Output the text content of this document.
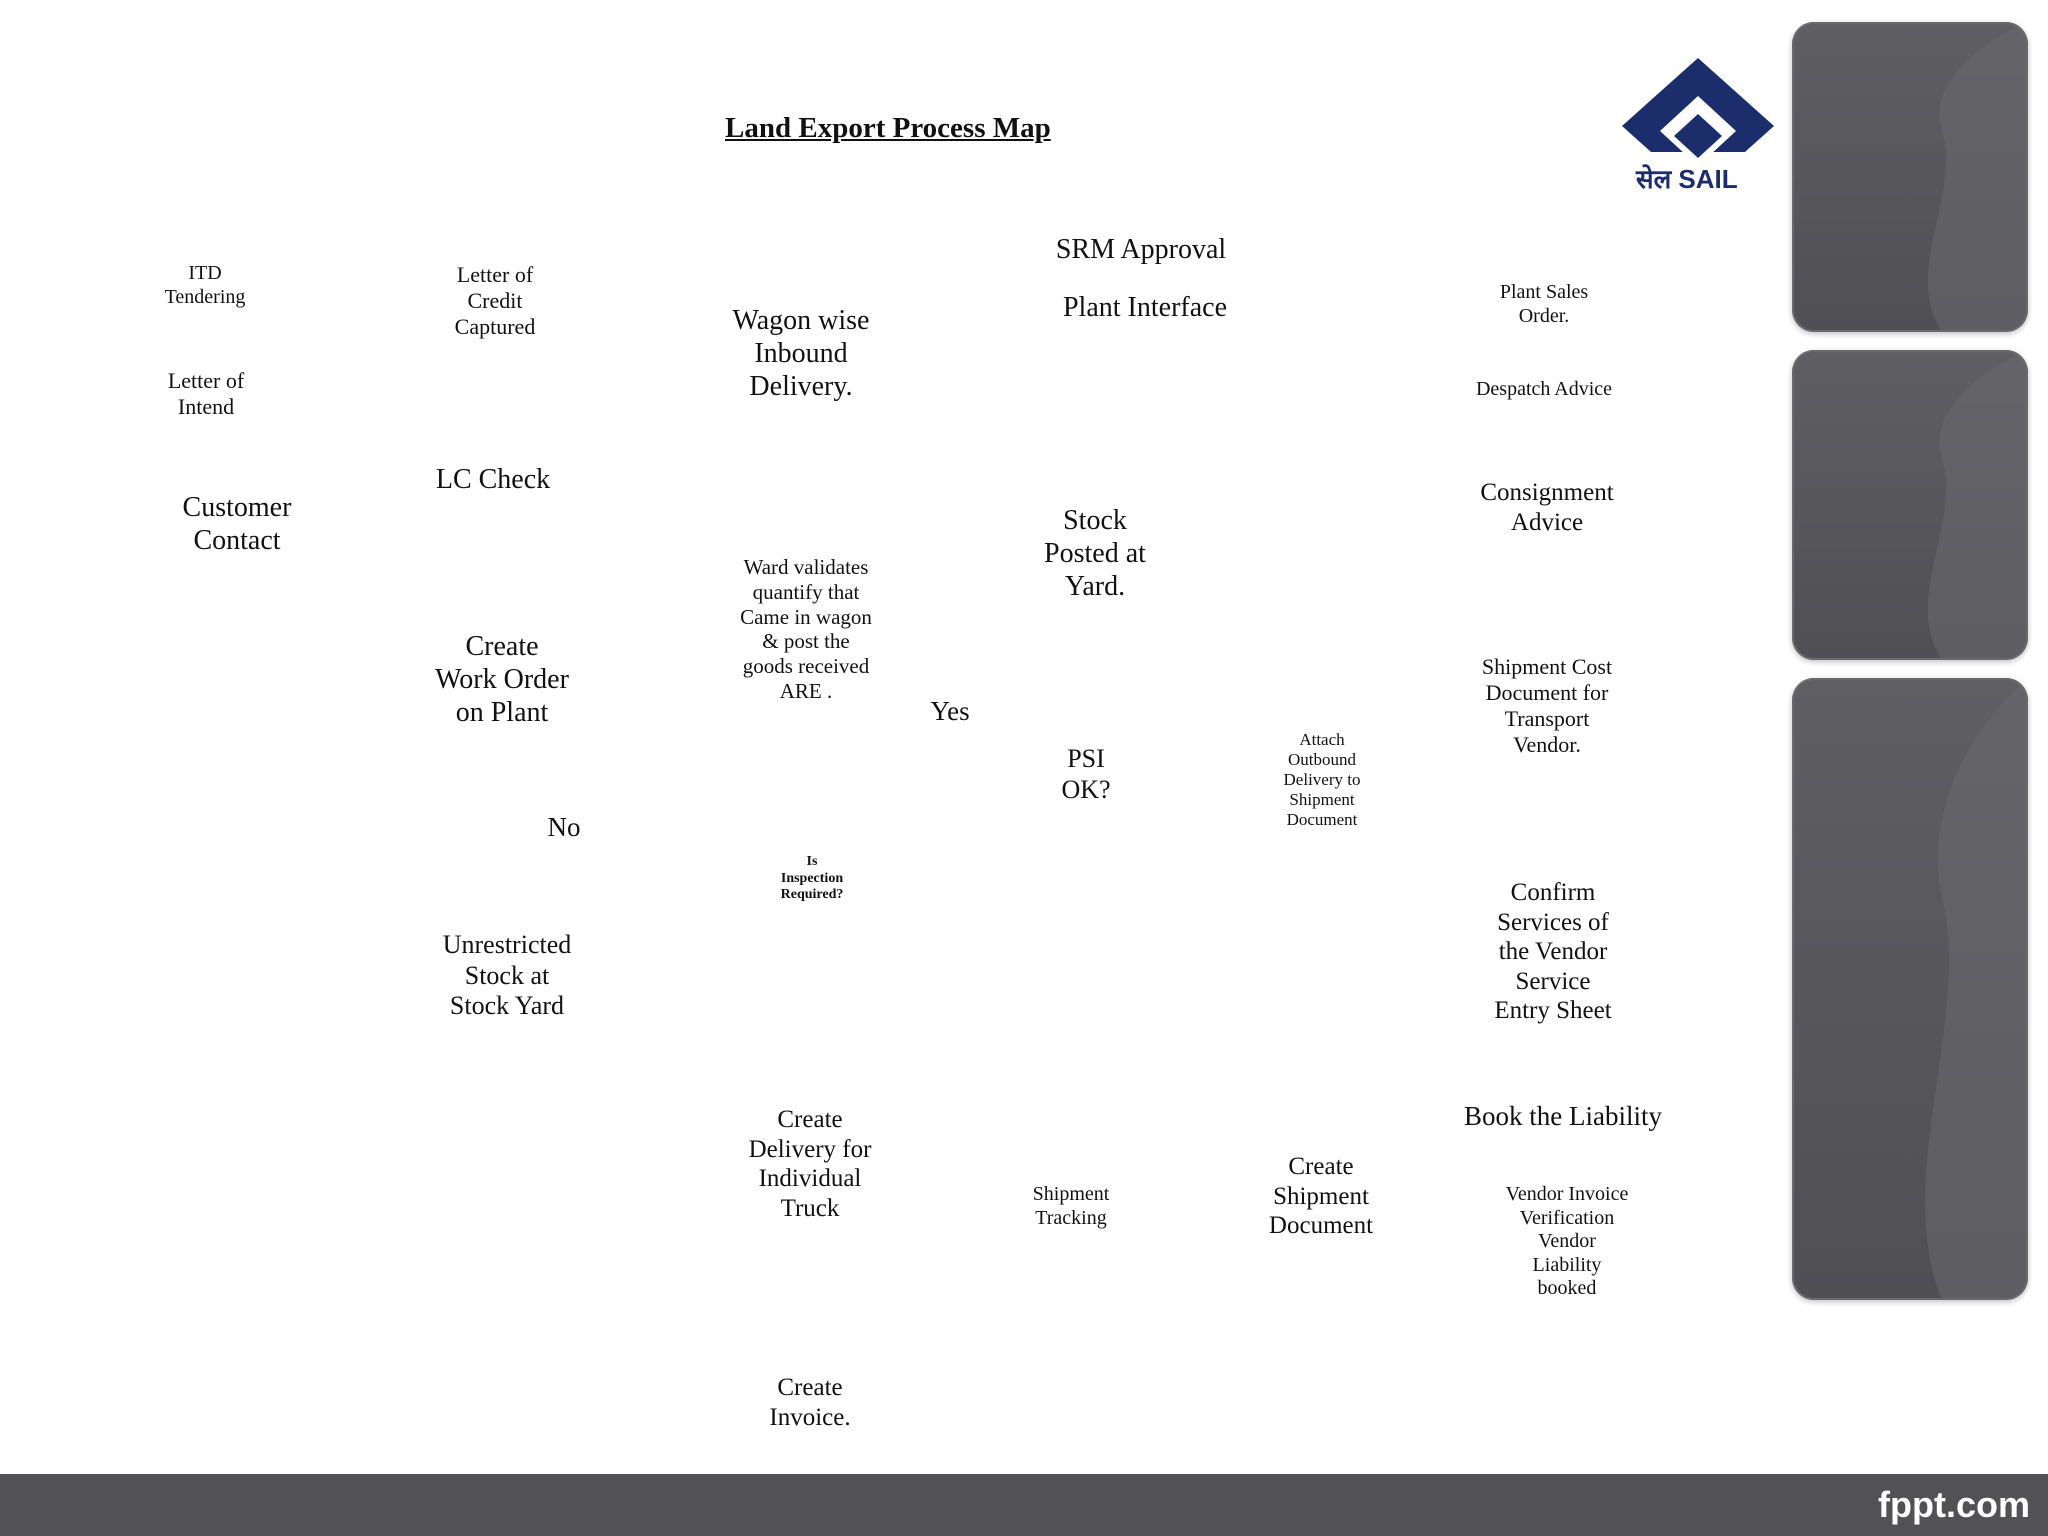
Land Export Process Map
सेल SAIL
ITD
Tendering
Letter of
Intend
Customer
Contact
Letter of
Credit
Captured
LC Check
Create
Work Order
on Plant
No
Unrestricted
Stock at
Stock Yard
Wagon wise
Inbound
Delivery.
Ward validates
quantify that
Came in wagon
& post the
goods received
ARE .
Is
Inspection
Required?
Create
Delivery for
Individual
Truck
Create
Invoice.
Yes
SRM Approval
Plant Interface
Stock
Posted at
Yard.
PSI
OK?
Shipment
Tracking
Attach
Outbound
Delivery to
Shipment
Document
Create
Shipment
Document
Plant Sales
Order.
Despatch Advice
Consignment
Advice
Shipment Cost
Document for
Transport
Vendor.
Confirm
Services of
the Vendor
Service
Entry Sheet
Book the Liability
Vendor Invoice
Verification
Vendor
Liability
booked
fppt.com
